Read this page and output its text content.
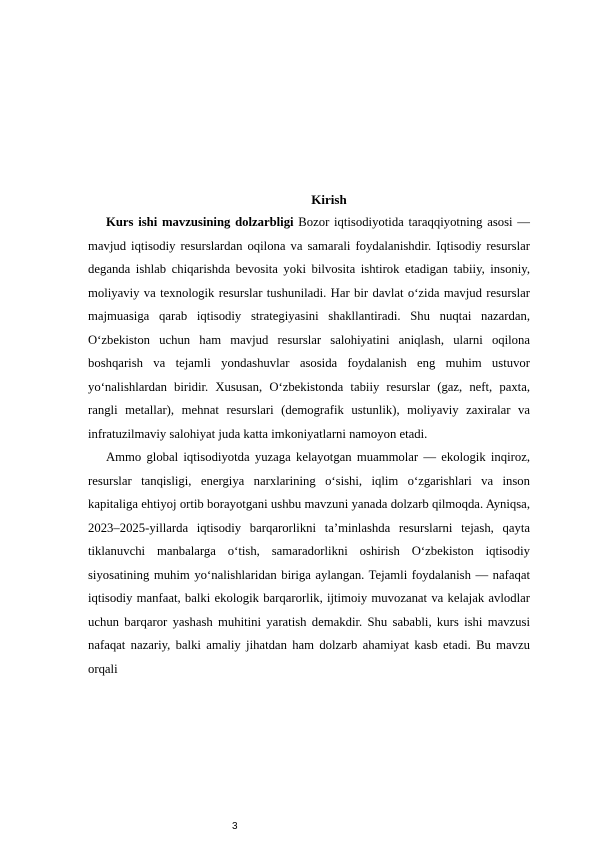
Kirish

Kurs ishi mavzusining dolzarbligi Bozor iqtisodiyotida taraqqiyotning asosi — mavjud iqtisodiy resurslardan oqilona va samarali foydalanishdir. Iqtisodiy resurslar deganda ishlab chiqarishda bevosita yoki bilvosita ishtirok etadigan tabiiy, insoniy, moliyaviy va texnologik resurslar tushuniladi. Har bir davlat o‘zida mavjud resurslar majmuasiga qarab iqtisodiy strategiyasini shakllantiradi. Shu nuqtai nazardan, O‘zbekiston uchun ham mavjud resurslar salohiyatini aniqlash, ularni oqilona boshqarish va tejamli yondashuvlar asosida foydalanish eng muhim ustuvor yo‘nalishlardan biridir. Xususan, O‘zbekistonda tabiiy resurslar (gaz, neft, paxta, rangli metallar), mehnat resurslari (demografik ustunlik), moliyaviy zaxiralar va infratuzilmaviy salohiyat juda katta imkoniyatlarni namoyon etadi.

Ammo global iqtisodiyotda yuzaga kelayotgan muammolar — ekologik inqiroz, resurslar tanqisligi, energiya narxlarining o‘sishi, iqlim o‘zgarishlari va inson kapitaliga ehtiyoj ortib borayotgani ushbu mavzuni yanada dolzarb qilmoqda. Ayniqsa, 2023–2025-yillarda iqtisodiy barqarorlikni ta’minlashda resurslarni tejash, qayta tiklanuvchi manbalarga o‘tish, samaradorlikni oshirish O‘zbekiston iqtisodiy siyosatining muhim yo‘nalishlaridan biriga aylangan. Tejamli foydalanish — nafaqat iqtisodiy manfaat, balki ekologik barqarorlik, ijtimoiy muvozanat va kelajak avlodlar uchun barqaror yashash muhitini yaratish demakdir. Shu sababli, kurs ishi mavzusi nafaqat nazariy, balki amaliy jihatdan ham dolzarb ahamiyat kasb etadi. Bu mavzu orqali

3
